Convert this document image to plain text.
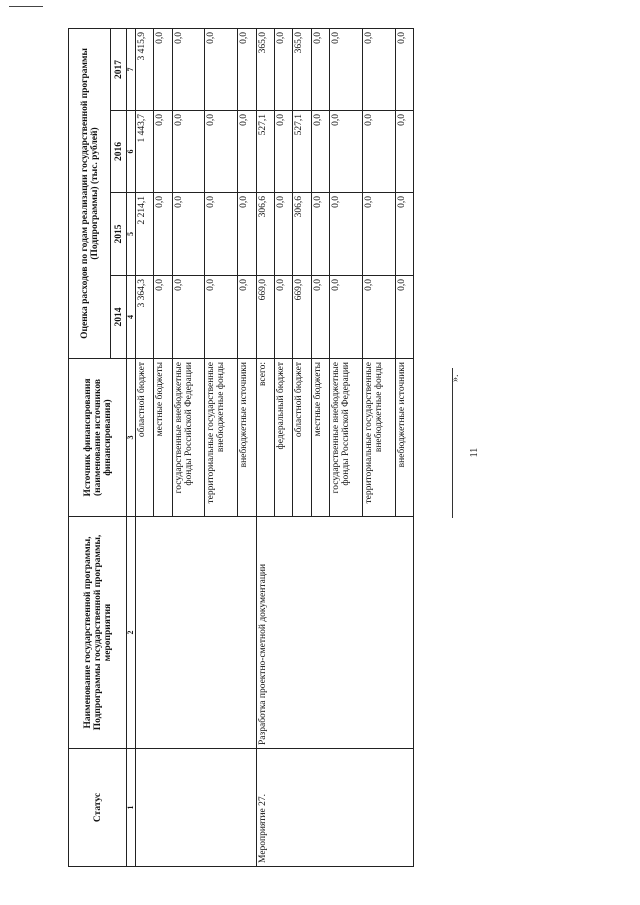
11
Статус	Наименование государственной программы, Подпрограммы государственной программы, мероприятия	Источник финансирования (наименование источников финансирования)	Оценка расходов по годам реализации государственной программы (Подпрограммы) (тыс. рублей)			
			2014	2015	2016	2017
1	2	3	4	5	6	7
		областной бюджет	3 364,3	2 214,1	1 443,7	3 415,9
		местные бюджеты	0,0	0,0	0,0	0,0
		государственные внебюджетные фонды Российской Федерации	0,0	0,0	0,0	0,0
		территориальные государственные внебюджетные фонды	0,0	0,0	0,0	0,0
		внебюджетные источники	0,0	0,0	0,0	0,0
Мероприятие 27.	Разработка проектно-сметной документации	всего:	669,0	306,6	527,1	365,0
		федеральный бюджет	0,0	0,0	0,0	0,0
		областной бюджет	669,0	306,6	527,1	365,0
		местные бюджеты	0,0	0,0	0,0	0,0
		государственные внебюджетные фонды Российской Федерации	0,0	0,0	0,0	0,0
		территориальные государственные внебюджетные фонды	0,0	0,0	0,0	0,0
		внебюджетные источники	0,0	0,0	0,0	0,0
».
